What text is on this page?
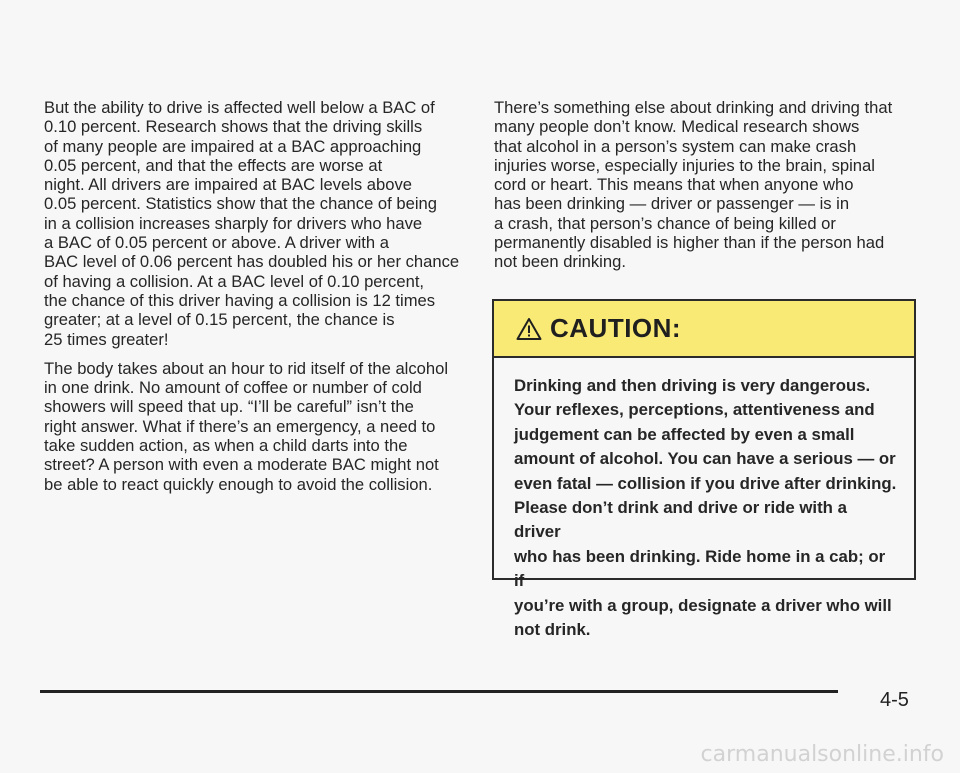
But the ability to drive is affected well below a BAC of
0.10 percent. Research shows that the driving skills
of many people are impaired at a BAC approaching
0.05 percent, and that the effects are worse at
night. All drivers are impaired at BAC levels above
0.05 percent. Statistics show that the chance of being
in a collision increases sharply for drivers who have
a BAC of 0.05 percent or above. A driver with a
BAC level of 0.06 percent has doubled his or her chance
of having a collision. At a BAC level of 0.10 percent,
the chance of this driver having a collision is 12 times
greater; at a level of 0.15 percent, the chance is
25 times greater!

The body takes about an hour to rid itself of the alcohol
in one drink. No amount of coffee or number of cold
showers will speed that up. “I’ll be careful” isn’t the
right answer. What if there’s an emergency, a need to
take sudden action, as when a child darts into the
street? A person with even a moderate BAC might not
be able to react quickly enough to avoid the collision.

There’s something else about drinking and driving that
many people don’t know. Medical research shows
that alcohol in a person’s system can make crash
injuries worse, especially injuries to the brain, spinal
cord or heart. This means that when anyone who
has been drinking — driver or passenger — is in
a crash, that person’s chance of being killed or
permanently disabled is higher than if the person had
not been drinking.

CAUTION:
Drinking and then driving is very dangerous.
Your reflexes, perceptions, attentiveness and
judgement can be affected by even a small
amount of alcohol. You can have a serious — or
even fatal — collision if you drive after drinking.
Please don’t drink and drive or ride with a driver
who has been drinking. Ride home in a cab; or if
you’re with a group, designate a driver who will
not drink.
4-5
carmanualsonline.info
